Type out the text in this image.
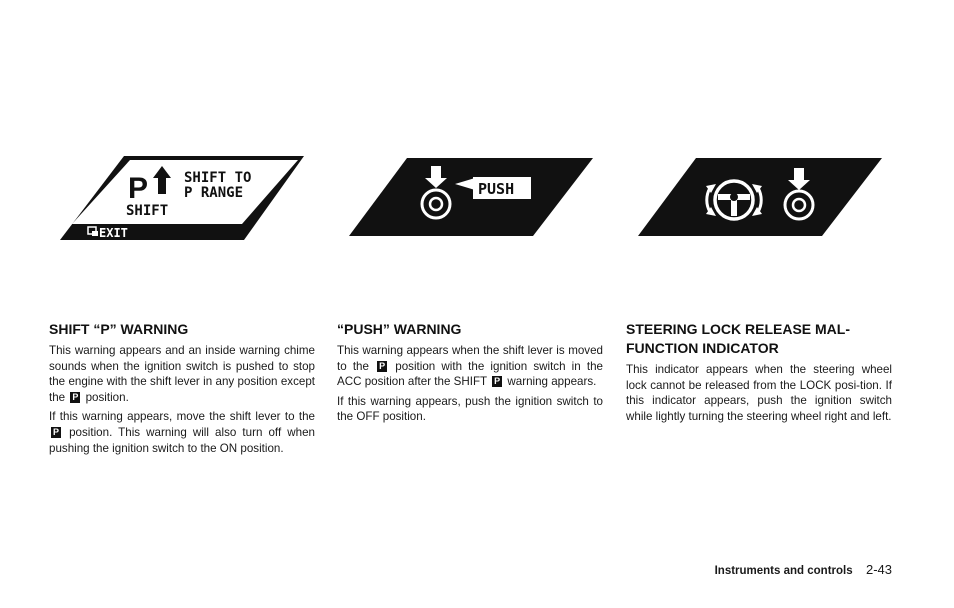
P	SHIFT TO
P RANGE
SHIFT
EXIT
PUSH
SHIFT “P” WARNING

This warning appears and an inside warning chime sounds when the ignition switch is pushed to stop the engine with the shift lever in any position except the P position.

If this warning appears, move the shift lever to the P position. This warning will also turn off when pushing the ignition switch to the ON position.

“PUSH” WARNING

This warning appears when the shift lever is moved to the P position with the ignition switch in the ACC position after the SHIFT P warning appears.

If this warning appears, push the ignition switch to the OFF position.

STEERING LOCK RELEASE MAL-FUNCTION INDICATOR

This indicator appears when the steering wheel lock cannot be released from the LOCK posi-tion. If this indicator appears, push the ignition switch while lightly turning the steering wheel right and left.

Instruments and controls 2-43
